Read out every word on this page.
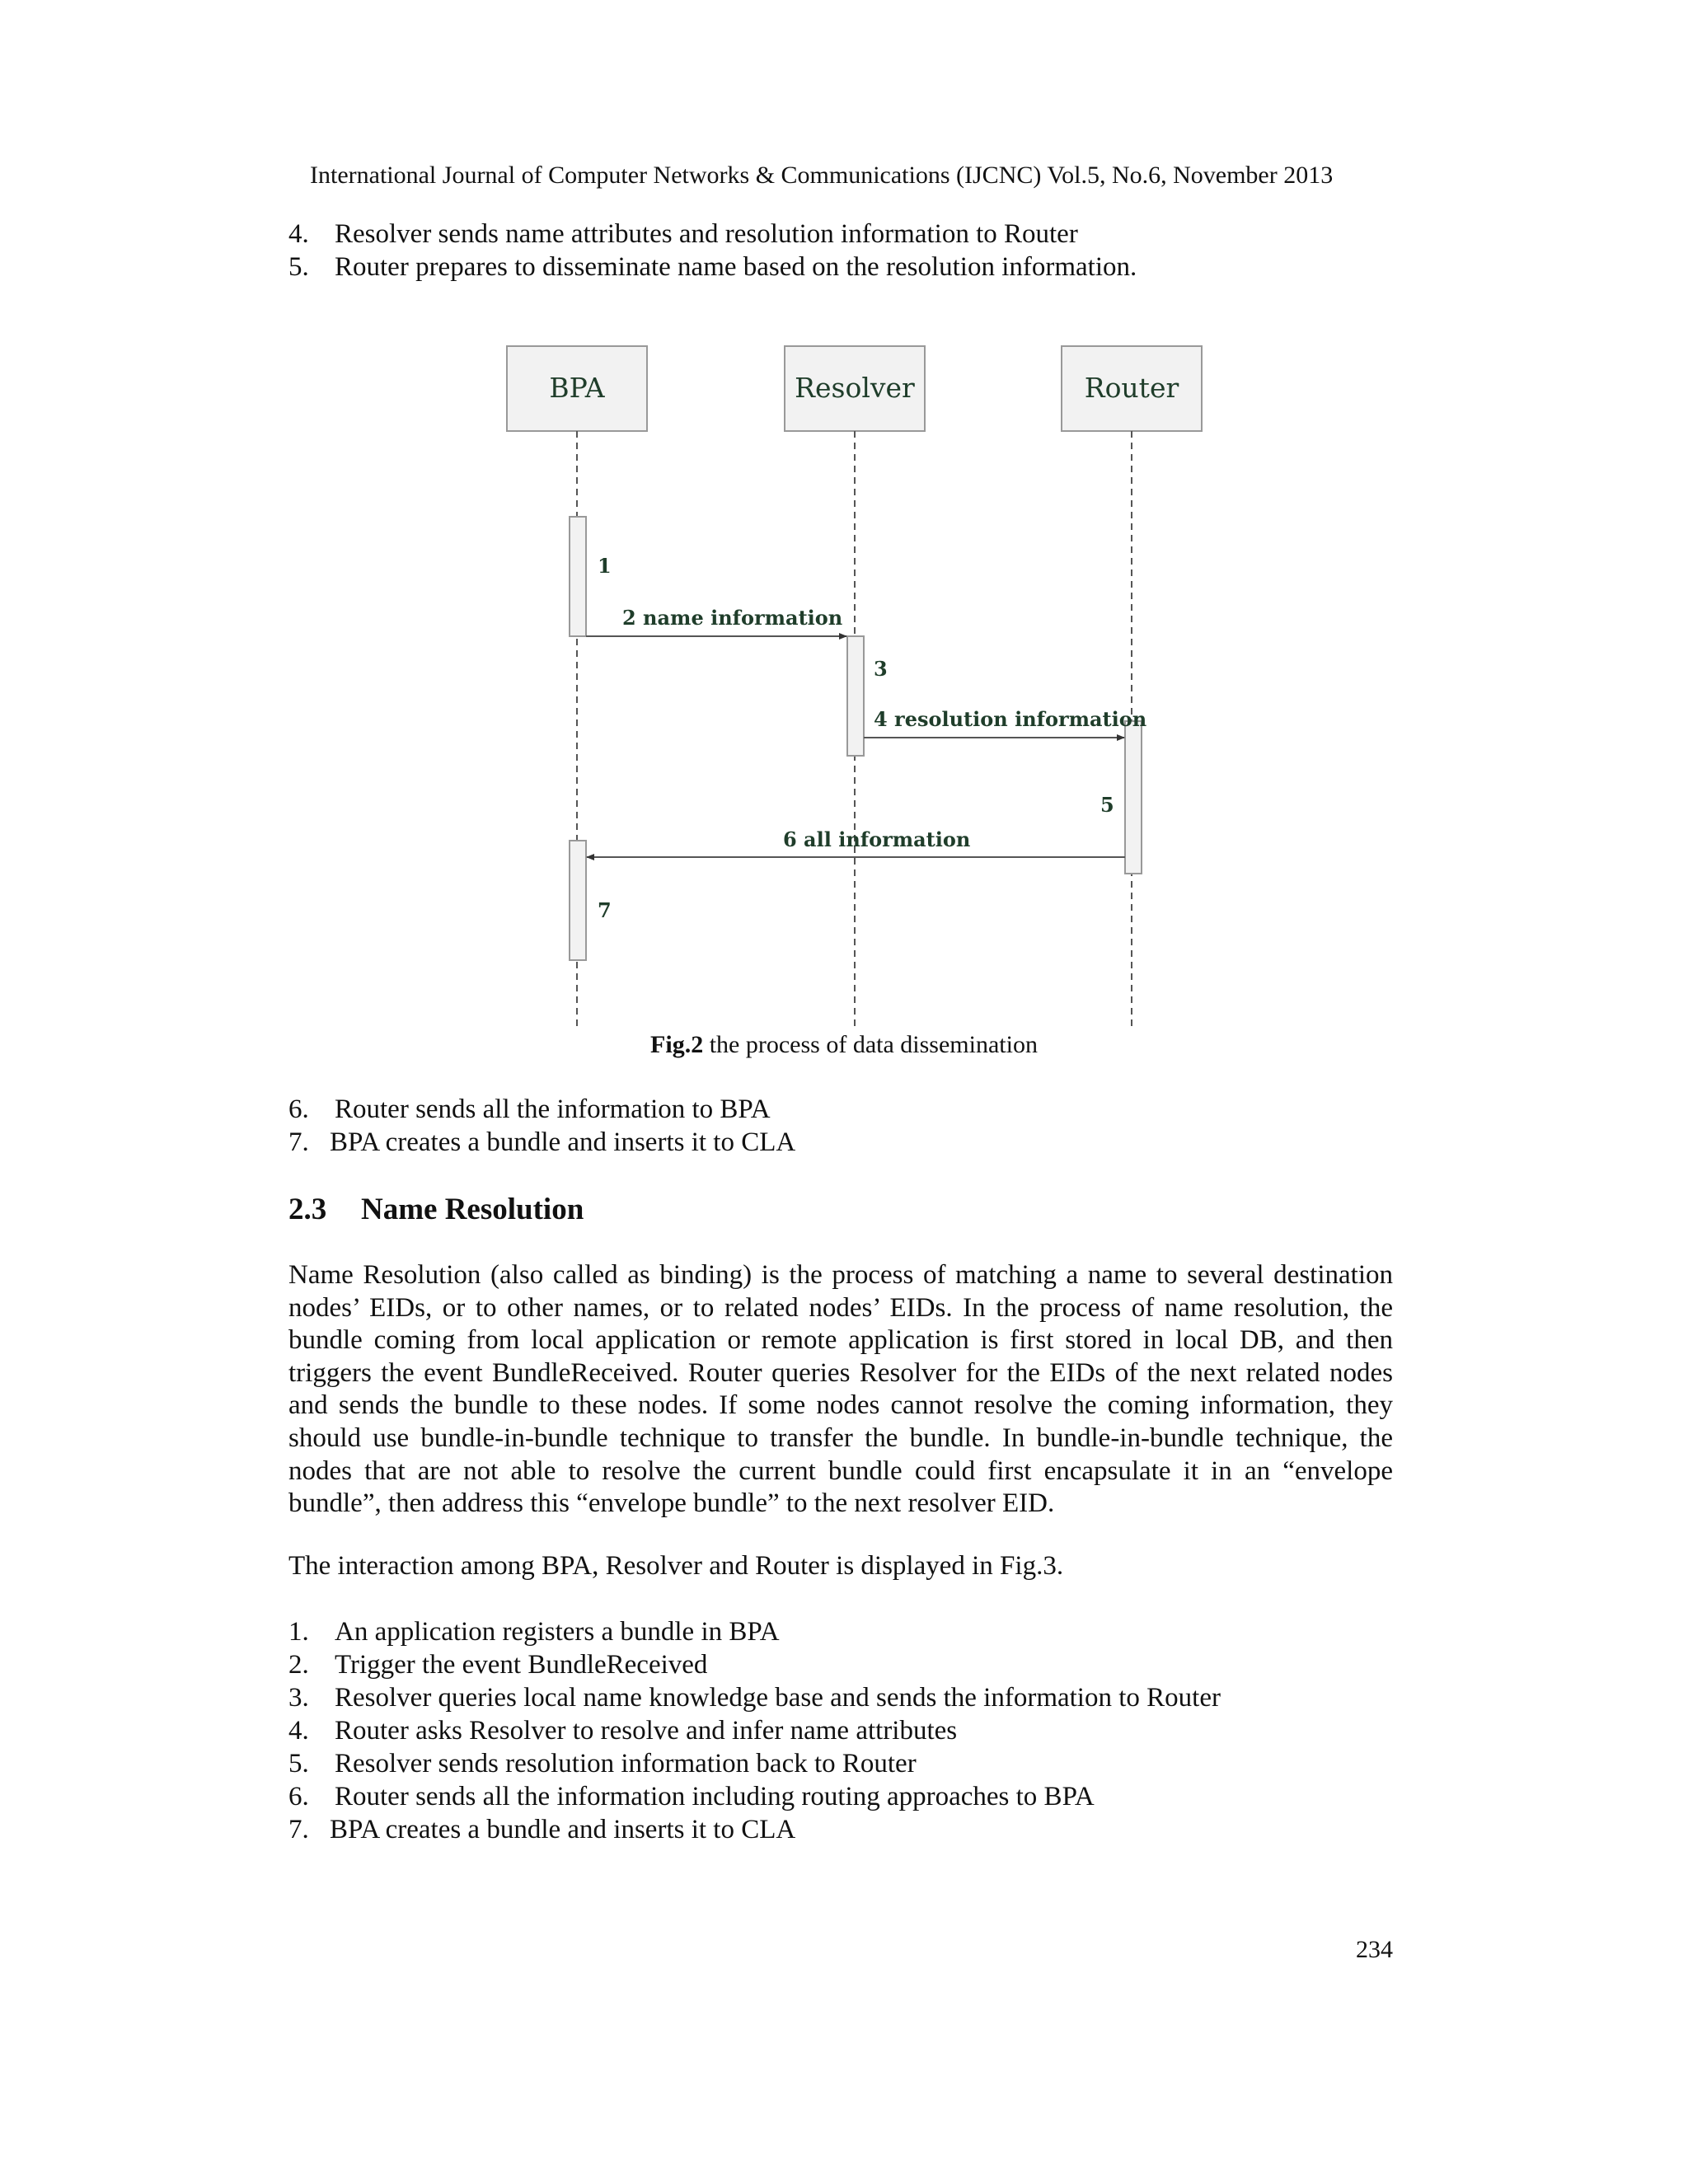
International Journal of Computer Networks & Communications (IJCNC) Vol.5, No.6, November 2013
4. Resolver sends name attributes and resolution information to Router
5. Router prepares to disseminate name based on the resolution information.
BPA	Resolver	Router
1
2 name information
3
4 resolution information
5
6 all information
7
Fig.2 the process of data dissemination
6. Router sends all the information to BPA
7. BPA creates a bundle and inserts it to CLA
2.3 Name Resolution

Name Resolution (also called as binding) is the process of matching a name to several destination nodes’ EIDs, or to other names, or to related nodes’ EIDs. In the process of name resolution, the bundle coming from local application or remote application is first stored in local DB, and then triggers the event BundleReceived. Router queries Resolver for the EIDs of the next related nodes and sends the bundle to these nodes. If some nodes cannot resolve the coming information, they should use bundle-in-bundle technique to transfer the bundle. In bundle-in-bundle technique, the nodes that are not able to resolve the current bundle could first encapsulate it in an “envelope bundle”, then address this “envelope bundle” to the next resolver EID.

The interaction among BPA, Resolver and Router is displayed in Fig.3.

1. An application registers a bundle in BPA
2. Trigger the event BundleReceived
3. Resolver queries local name knowledge base and sends the information to Router
4. Router asks Resolver to resolve and infer name attributes
5. Resolver sends resolution information back to Router
6. Router sends all the information including routing approaches to BPA
7. BPA creates a bundle and inserts it to CLA
234
